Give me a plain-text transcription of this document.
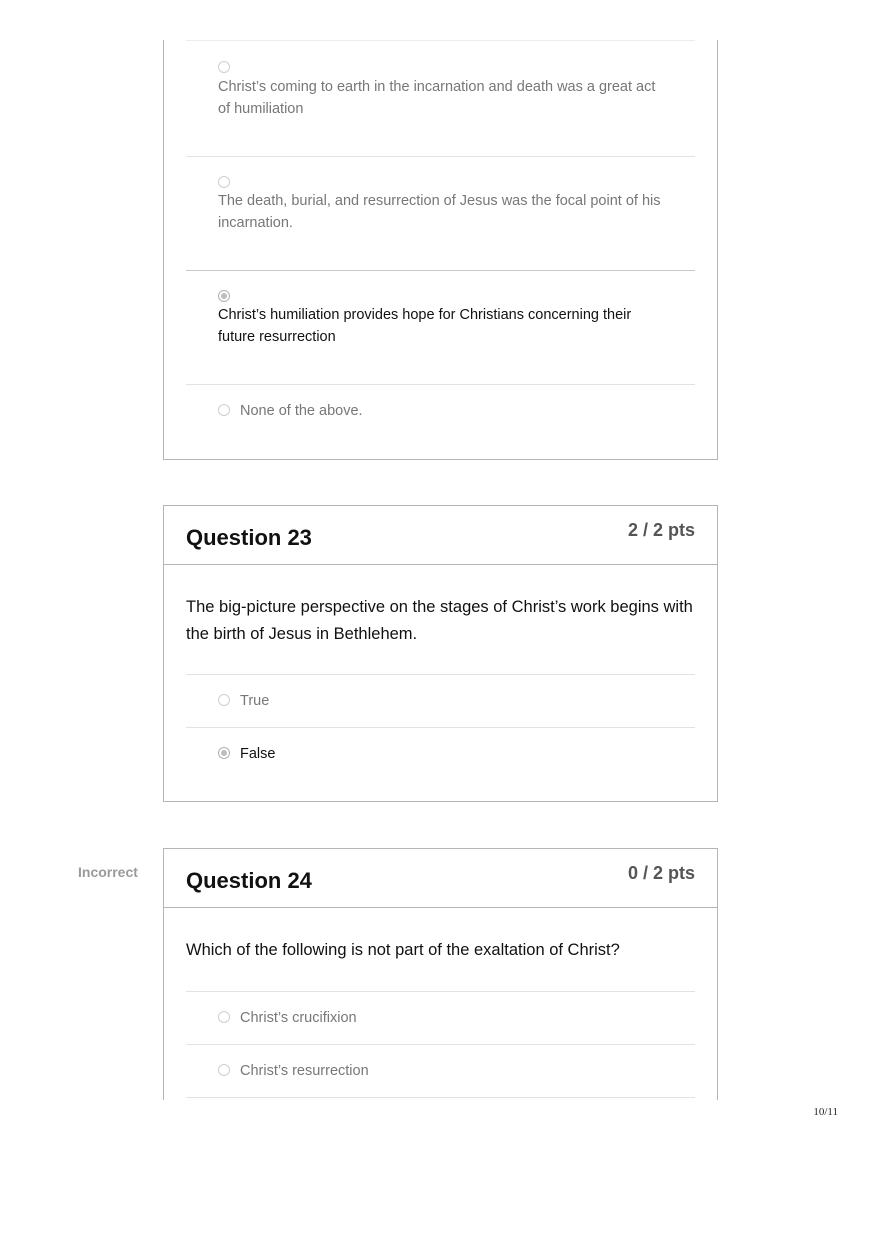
Christ’s coming to earth in the incarnation and death was a great act of humiliation
The death, burial, and resurrection of Jesus was the focal point of his incarnation.
Christ’s humiliation provides hope for Christians concerning their future resurrection
None of the above.
Question 23	2 / 2 pts
The big-picture perspective on the stages of Christ’s work begins with the birth of Jesus in Bethlehem.
True
False
Incorrect Question 24	0 / 2 pts
Which of the following is not part of the exaltation of Christ?
Christ’s crucifixion
Christ’s resurrection
10/11
